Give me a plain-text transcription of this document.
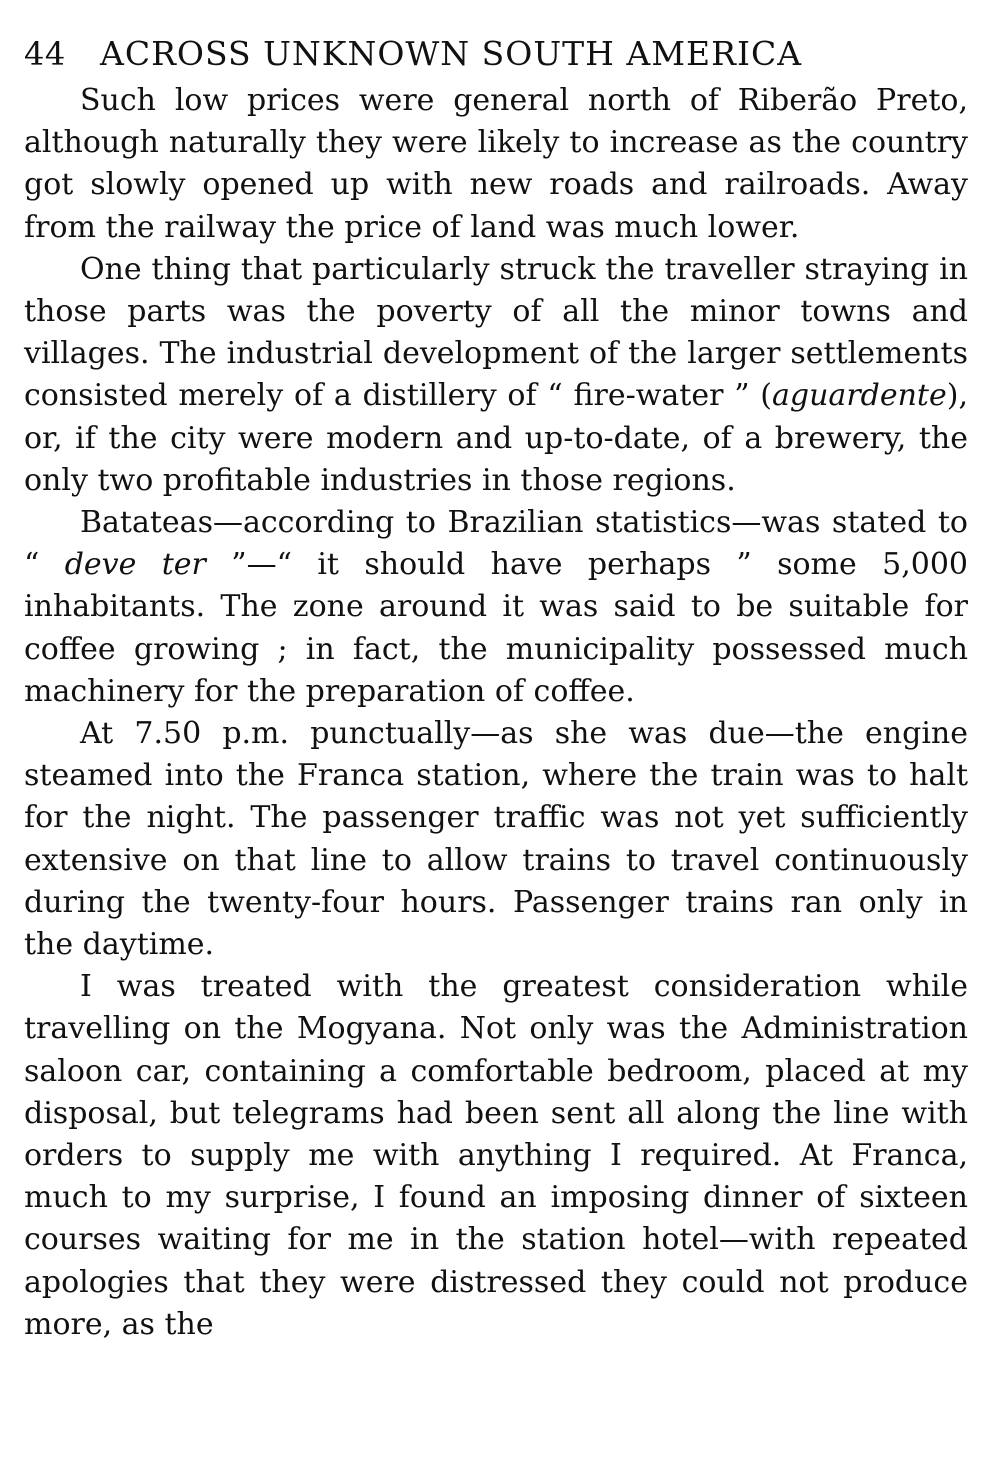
44 ACROSS UNKNOWN SOUTH AMERICA

Such low prices were general north of Riberão Preto, although naturally they were likely to increase as the country got slowly opened up with new roads and railroads. Away from the railway the price of land was much lower.

One thing that particularly struck the traveller straying in those parts was the poverty of all the minor towns and villages. The industrial development of the larger settlements consisted merely of a distillery of “ fire-water ” (aguardente), or, if the city were modern and up-to-date, of a brewery, the only two profitable industries in those regions.

Batateas—according to Brazilian statistics—was stated to “ deve ter ”—“ it should have perhaps ” some 5,000 inhabitants. The zone around it was said to be suitable for coffee growing ; in fact, the municipality possessed much machinery for the preparation of coffee.

At 7.50 p.m. punctually—as she was due—the engine steamed into the Franca station, where the train was to halt for the night. The passenger traffic was not yet sufficiently extensive on that line to allow trains to travel continuously during the twenty-four hours. Passenger trains ran only in the daytime.

I was treated with the greatest consideration while travelling on the Mogyana. Not only was the Administration saloon car, containing a comfortable bedroom, placed at my disposal, but telegrams had been sent all along the line with orders to supply me with anything I required. At Franca, much to my surprise, I found an imposing dinner of sixteen courses waiting for me in the station hotel—with repeated apologies that they were distressed they could not produce more, as the
